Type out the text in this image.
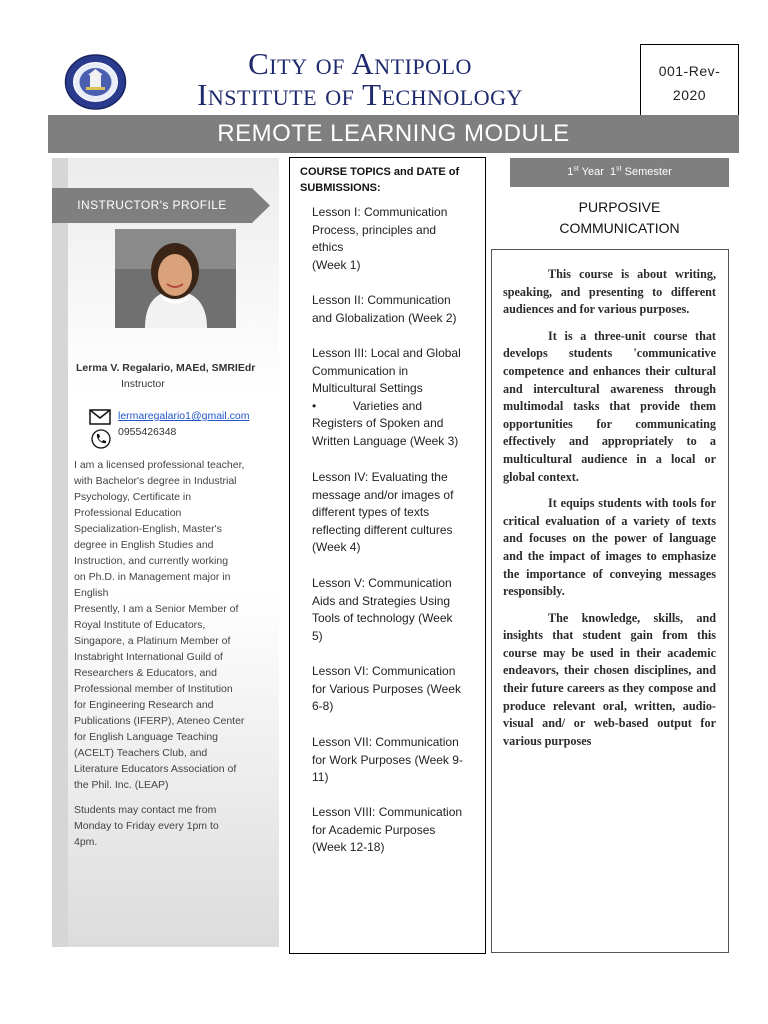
City of Antipolo
Institute of Technology
001-Rev-
2020
REMOTE LEARNING MODULE
INSTRUCTOR's PROFILE
Lerma V. Regalario, MAEd, SMRIEdr
Instructor
lermaregalario1@gmail.com
0955426348
I am a licensed professional teacher,
with Bachelor's degree in Industrial
Psychology, Certificate in
Professional Education
Specialization-English, Master's
degree in English Studies and
Instruction, and currently working
on Ph.D. in Management major in
English
Presently, I am a Senior Member of
Royal Institute of Educators,
Singapore, a Platinum Member of
Instabright International Guild of
Researchers & Educators, and
Professional member of Institution
for Engineering Research and
Publications (IFERP), Ateneo Center
for English Language Teaching
(ACELT) Teachers Club, and
Literature Educators Association of
the Phil. Inc. (LEAP)
Students may contact me from
Monday to Friday every 1pm to
4pm.
COURSE TOPICS and DATE of
SUBMISSIONS:
Lesson I: Communication
Process, principles and
ethics
(Week 1)
Lesson II: Communication
and Globalization (Week 2)
Lesson III: Local and Global
Communication in
Multicultural Settings
•           Varieties and
Registers of Spoken and
Written Language (Week 3)
Lesson IV: Evaluating the
message and/or images of
different types of texts
reflecting different cultures
(Week 4)
Lesson V: Communication
Aids and Strategies Using
Tools of technology (Week
5)
Lesson VI: Communication
for Various Purposes (Week
6-8)
Lesson VII: Communication
for Work Purposes (Week 9-
11)
Lesson VIII: Communication
for Academic Purposes
(Week 12-18)
1st Year 1st Semester
PURPOSIVE
COMMUNICATION

This course is about writing, speaking, and presenting to different audiences and for various purposes.

It is a three-unit course that develops students 'communicative competence and enhances their cultural and intercultural awareness through multimodal tasks that provide them opportunities for communicating effectively and appropriately to a multicultural audience in a local or global context.

It equips students with tools for critical evaluation of a variety of texts and focuses on the power of language and the impact of images to emphasize the importance of conveying messages responsibly.

The knowledge, skills, and insights that student gain from this course may be used in their academic endeavors, their chosen disciplines, and their future careers as they compose and produce relevant oral, written, audio-visual and/ or web-based output for various purposes
